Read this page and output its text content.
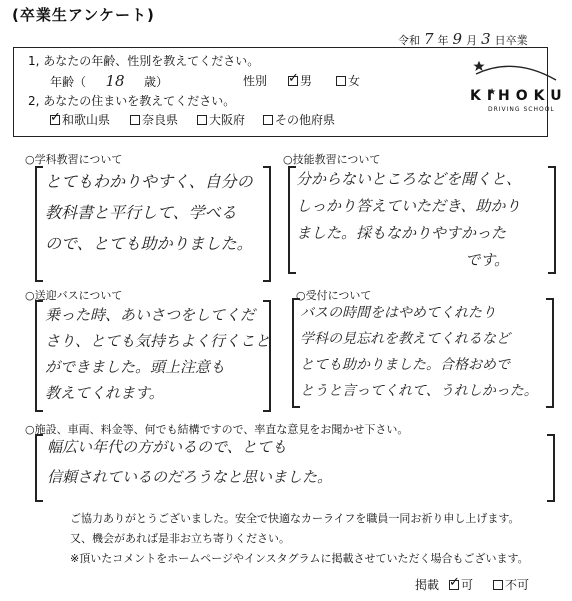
(卒業生アンケート)
令和 7 年 9 月 3 日卒業
1, あなたの年齢、性別を教えてください。
年齢（	18	歳）	性別 ✓	男	女
2, あなたの住まいを教えてください。
✓
和歌山県	奈良県	大阪府 その他府県
KIHOKU
DRIVING SCHOOL
○学科教習について
とてもわかりやすく、自分の
教科書と平行して、学べる
ので、とても助かりました。
○技能教習について
分からないところなどを聞くと、
しっかり答えていただき、助かり
ました。採もなかりやすかった
です。
○送迎バスについて
乗った時、あいさつをしてくだ
さり、とても気持ちよく行くこと
ができました。頭上注意も
教えてくれます。
○受付について
バスの時間をはやめてくれたり
学科の見忘れを教えてくれるなど
とても助かりました。合格おめで
とうと言ってくれて、うれしかった。
○施設、車両、料金等、何でも結構ですので、率直な意見をお聞かせ下さい。
幅広い年代の方がいるので、とても
信頼されているのだろうなと思いました。
ご協力ありがとうございました。安全で快適なカーライフを職員一同お祈り申し上げます。
又、機会があれば是非お立ち寄りください。
※頂いたコメントをホームページやインスタグラムに掲載させていただく場合もございます。
掲載 ✓ 可	不可
